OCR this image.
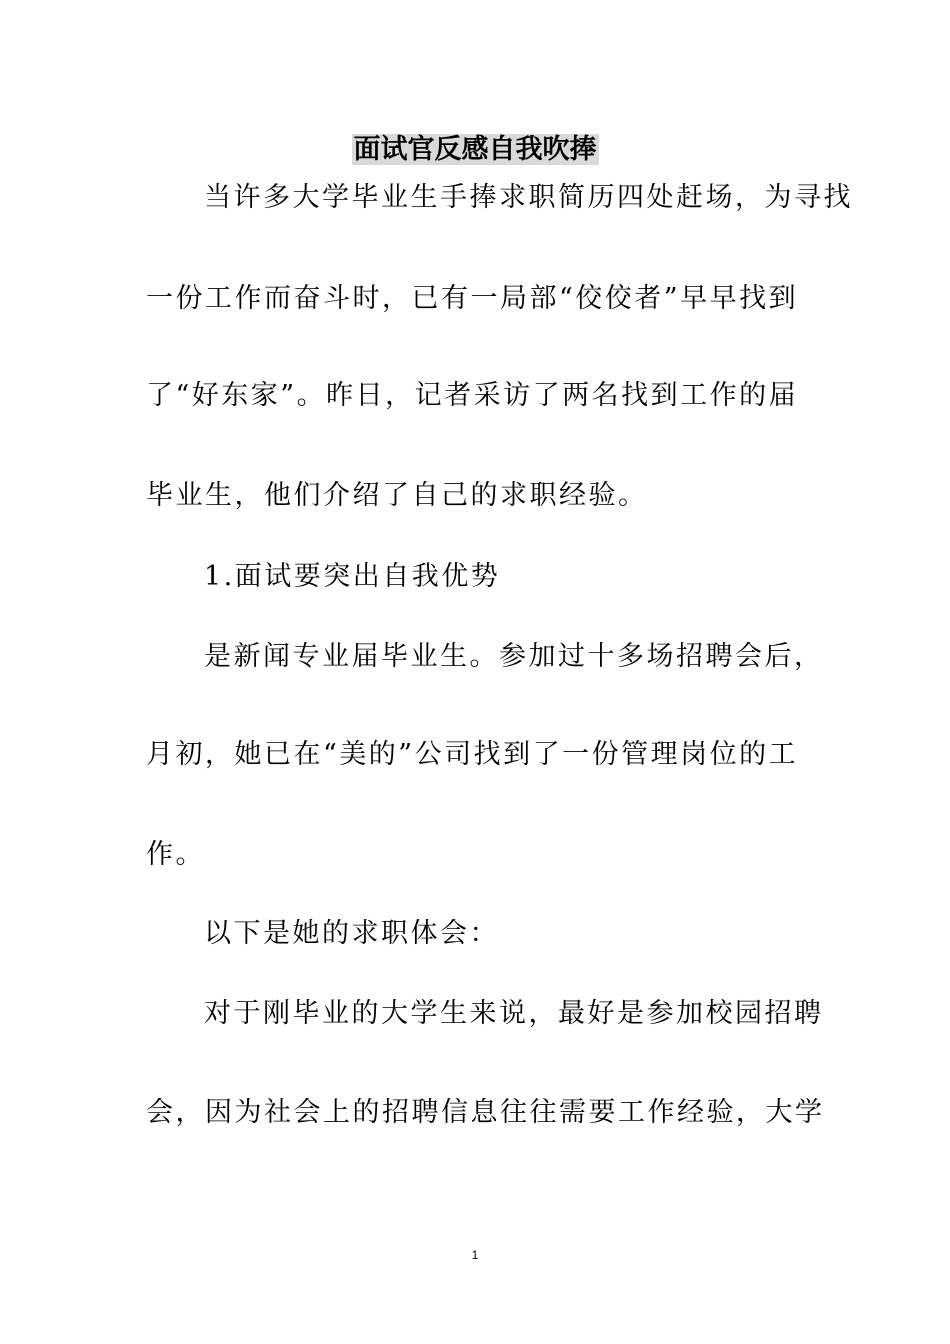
面试官反感自我吹捧
当许多大学毕业生手捧求职简历四处赶场，为寻找
一份工作而奋斗时，已有一局部“佼佼者”早早找到
了“好东家”。昨日，记者采访了两名找到工作的届
毕业生，他们介绍了自己的求职经验。
1.面试要突出自我优势
是新闻专业届毕业生。参加过十多场招聘会后，
月初，她已在“美的”公司找到了一份管理岗位的工
作。
以下是她的求职体会：
对于刚毕业的大学生来说，最好是参加校园招聘
会，因为社会上的招聘信息往往需要工作经验，大学
1
